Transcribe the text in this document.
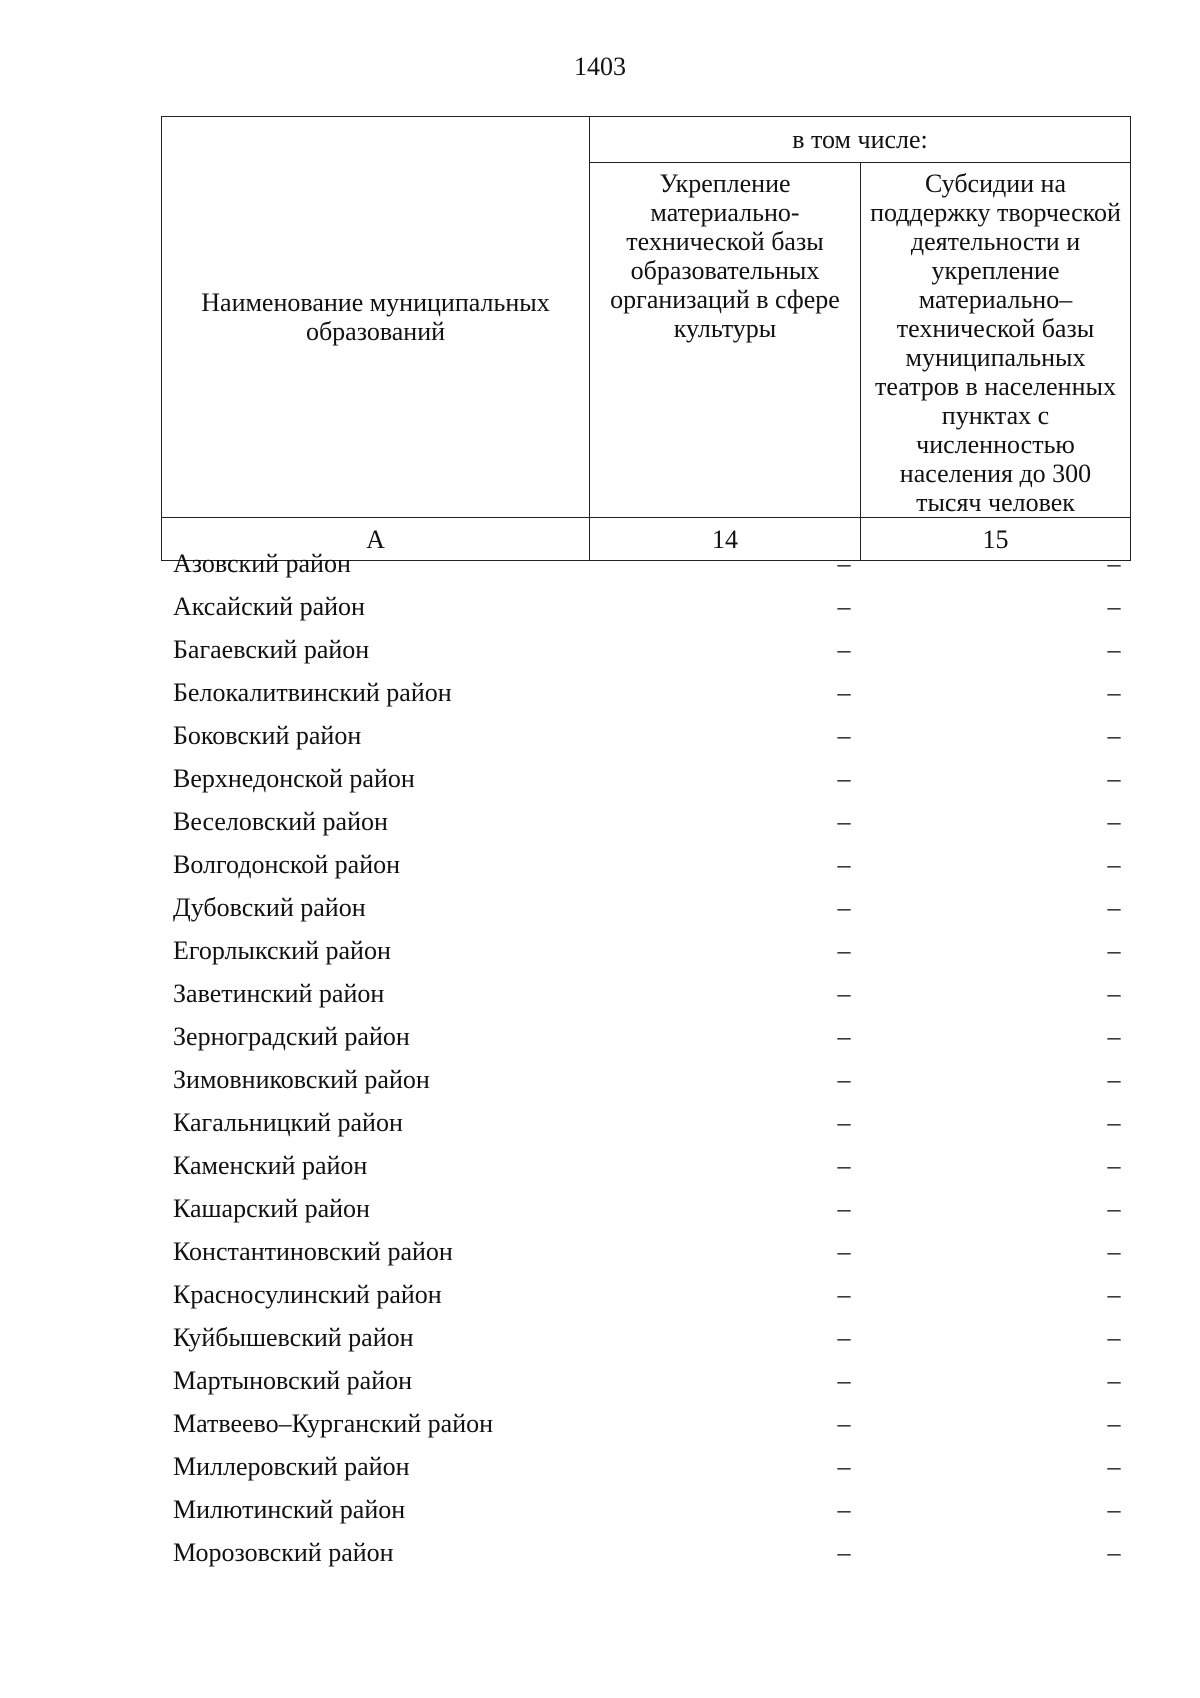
1403
Наименование муниципальных образований	в том числе:	
	Укрепление материально-технической базы образовательных организаций в сфере культуры	Субсидии на поддержку творческой деятельности и укрепление материально–технической базы муниципальных театров в населенных пунктах с численностью населения до 300 тысяч человек
А	14	15
Азовский район	–	–
Аксайский район	–	–
Багаевский район	–	–
Белокалитвинский район	–	–
Боковский район	–	–
Верхнедонской район	–	–
Веселовский район	–	–
Волгодонской район	–	–
Дубовский район	–	–
Егорлыкский район	–	–
Заветинский район	–	–
Зерноградский район	–	–
Зимовниковский район	–	–
Кагальницкий район	–	–
Каменский район	–	–
Кашарский район	–	–
Константиновский район	–	–
Красносулинский район	–	–
Куйбышевский район	–	–
Мартыновский район	–	–
Матвеево–Курганский район	–	–
Миллеровский район	–	–
Милютинский район	–	–
Морозовский район	–	–
